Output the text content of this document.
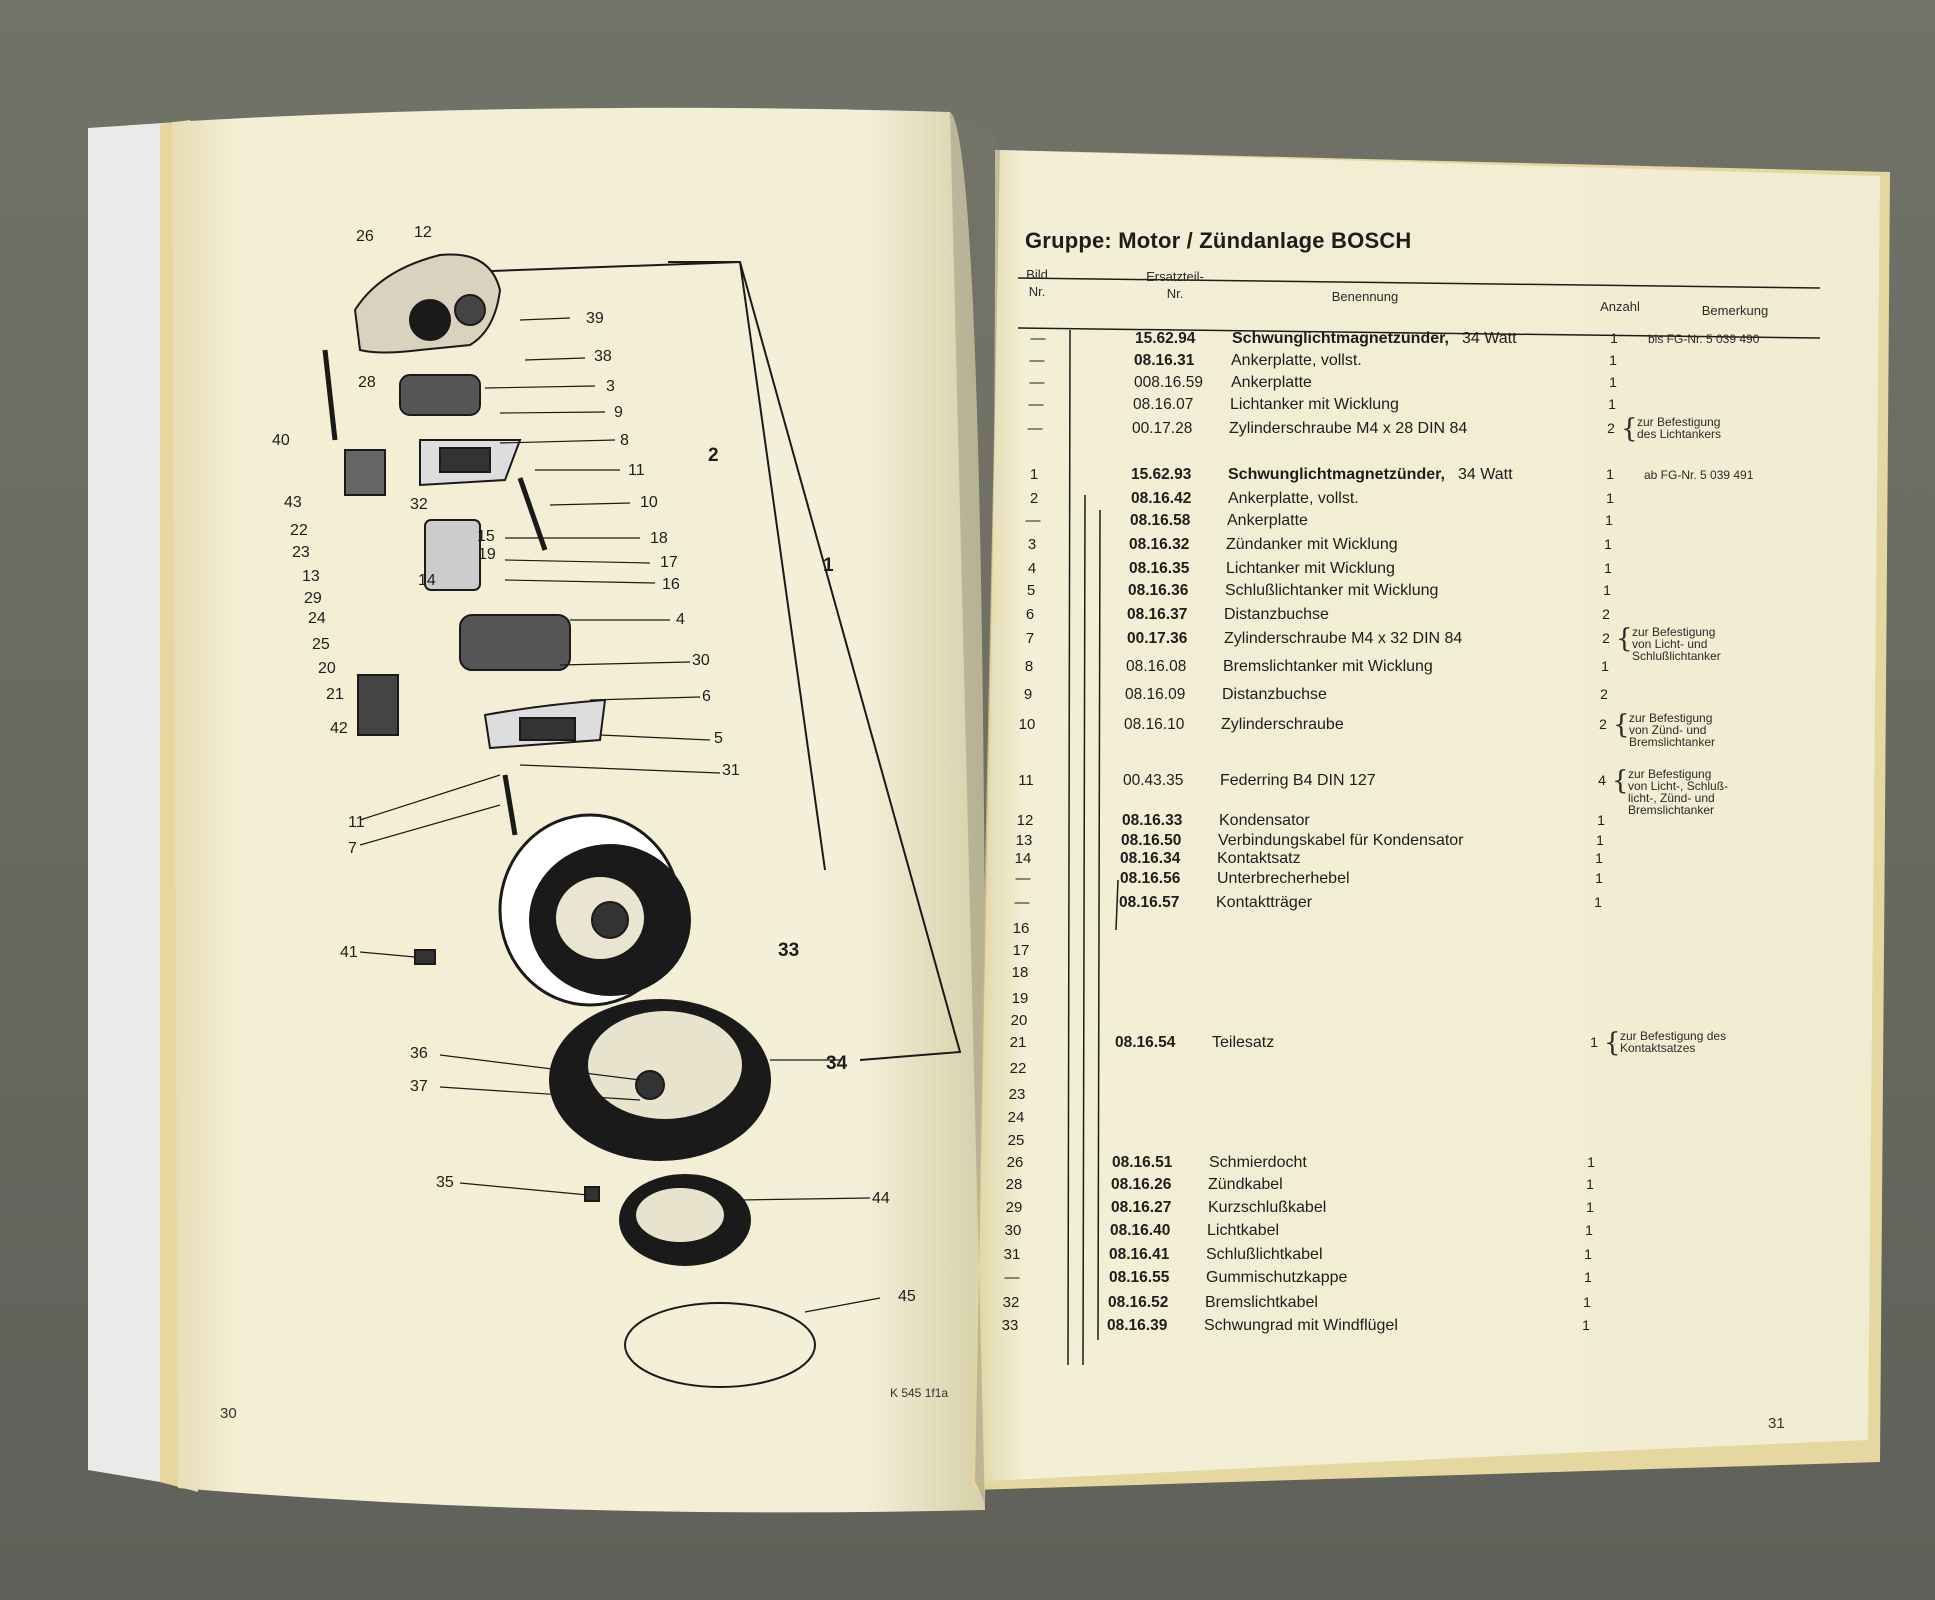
26	12
39
38
3
9
8
11
10
28
40
43	32
22
23
13
29
24
25
20
21
42
15
19
14
18
17
16
4
30
6
5
31
11
7
41	33
36
37
34
35
44
45
2
1
30
K 545 1f1a
Gruppe: Motor / Zündanlage BOSCH
Bild
Nr.
Ersatzteil-
Nr.	Benennung
Anzahl	Bemerkung
—	15.62.94 Schwunglichtmagnetzünder, 34 Watt	1	bis FG-Nr. 5 039 490
—	08.16.31 Ankerplatte, vollst.	1
—	008.16.59 Ankerplatte	1
—	08.16.07 Lichtanker mit Wicklung	1
—	00.17.28 Zylinderschraube M4 x 28 DIN 84	2 { zur Befestigung
des Lichtankers
1	15.62.93 Schwunglichtmagnetzünder, 34 Watt	1	ab FG-Nr. 5 039 491
2	08.16.42 Ankerplatte, vollst.	1
—	08.16.58 Ankerplatte	1
3	08.16.32 Zündanker mit Wicklung	1
4	08.16.35 Lichtanker mit Wicklung	1
5	08.16.36 Schlußlichtanker mit Wicklung	1
6	08.16.37 Distanzbuchse	2
7	00.17.36 Zylinderschraube M4 x 32 DIN 84	2 { zur Befestigung
von Licht- und
Schlußlichtanker
8	08.16.08 Bremslichtanker mit Wicklung	1
9	08.16.09 Distanzbuchse	2
10	08.16.10 Zylinderschraube	2 { zur Befestigung
von Zünd- und
Bremslichtanker
11	00.43.35 Federring B4 DIN 127	4 { zur Befestigung
von Licht-, Schluß-
licht-, Zünd- und
Bremslichtanker
12	08.16.33 Kondensator	1
13	08.16.50 Verbindungskabel für Kondensator	1
14	08.16.34 Kontaktsatz	1
—	08.16.56 Unterbrecherhebel	1
—	08.16.57 Kontaktträger	1
16
17
18
19
20
21	08.16.54 Teilesatz	1 { zur Befestigung des
Kontaktsatzes
22
23
24
25
26	08.16.51 Schmierdocht	1
28	08.16.26 Zündkabel	1
29	08.16.27 Kurzschlußkabel	1
30	08.16.40 Lichtkabel	1
31	08.16.41 Schlußlichtkabel	1
—	08.16.55 Gummischutzkappe	1
32	08.16.52 Bremslichtkabel	1
33	08.16.39 Schwungrad mit Windflügel	1
31
